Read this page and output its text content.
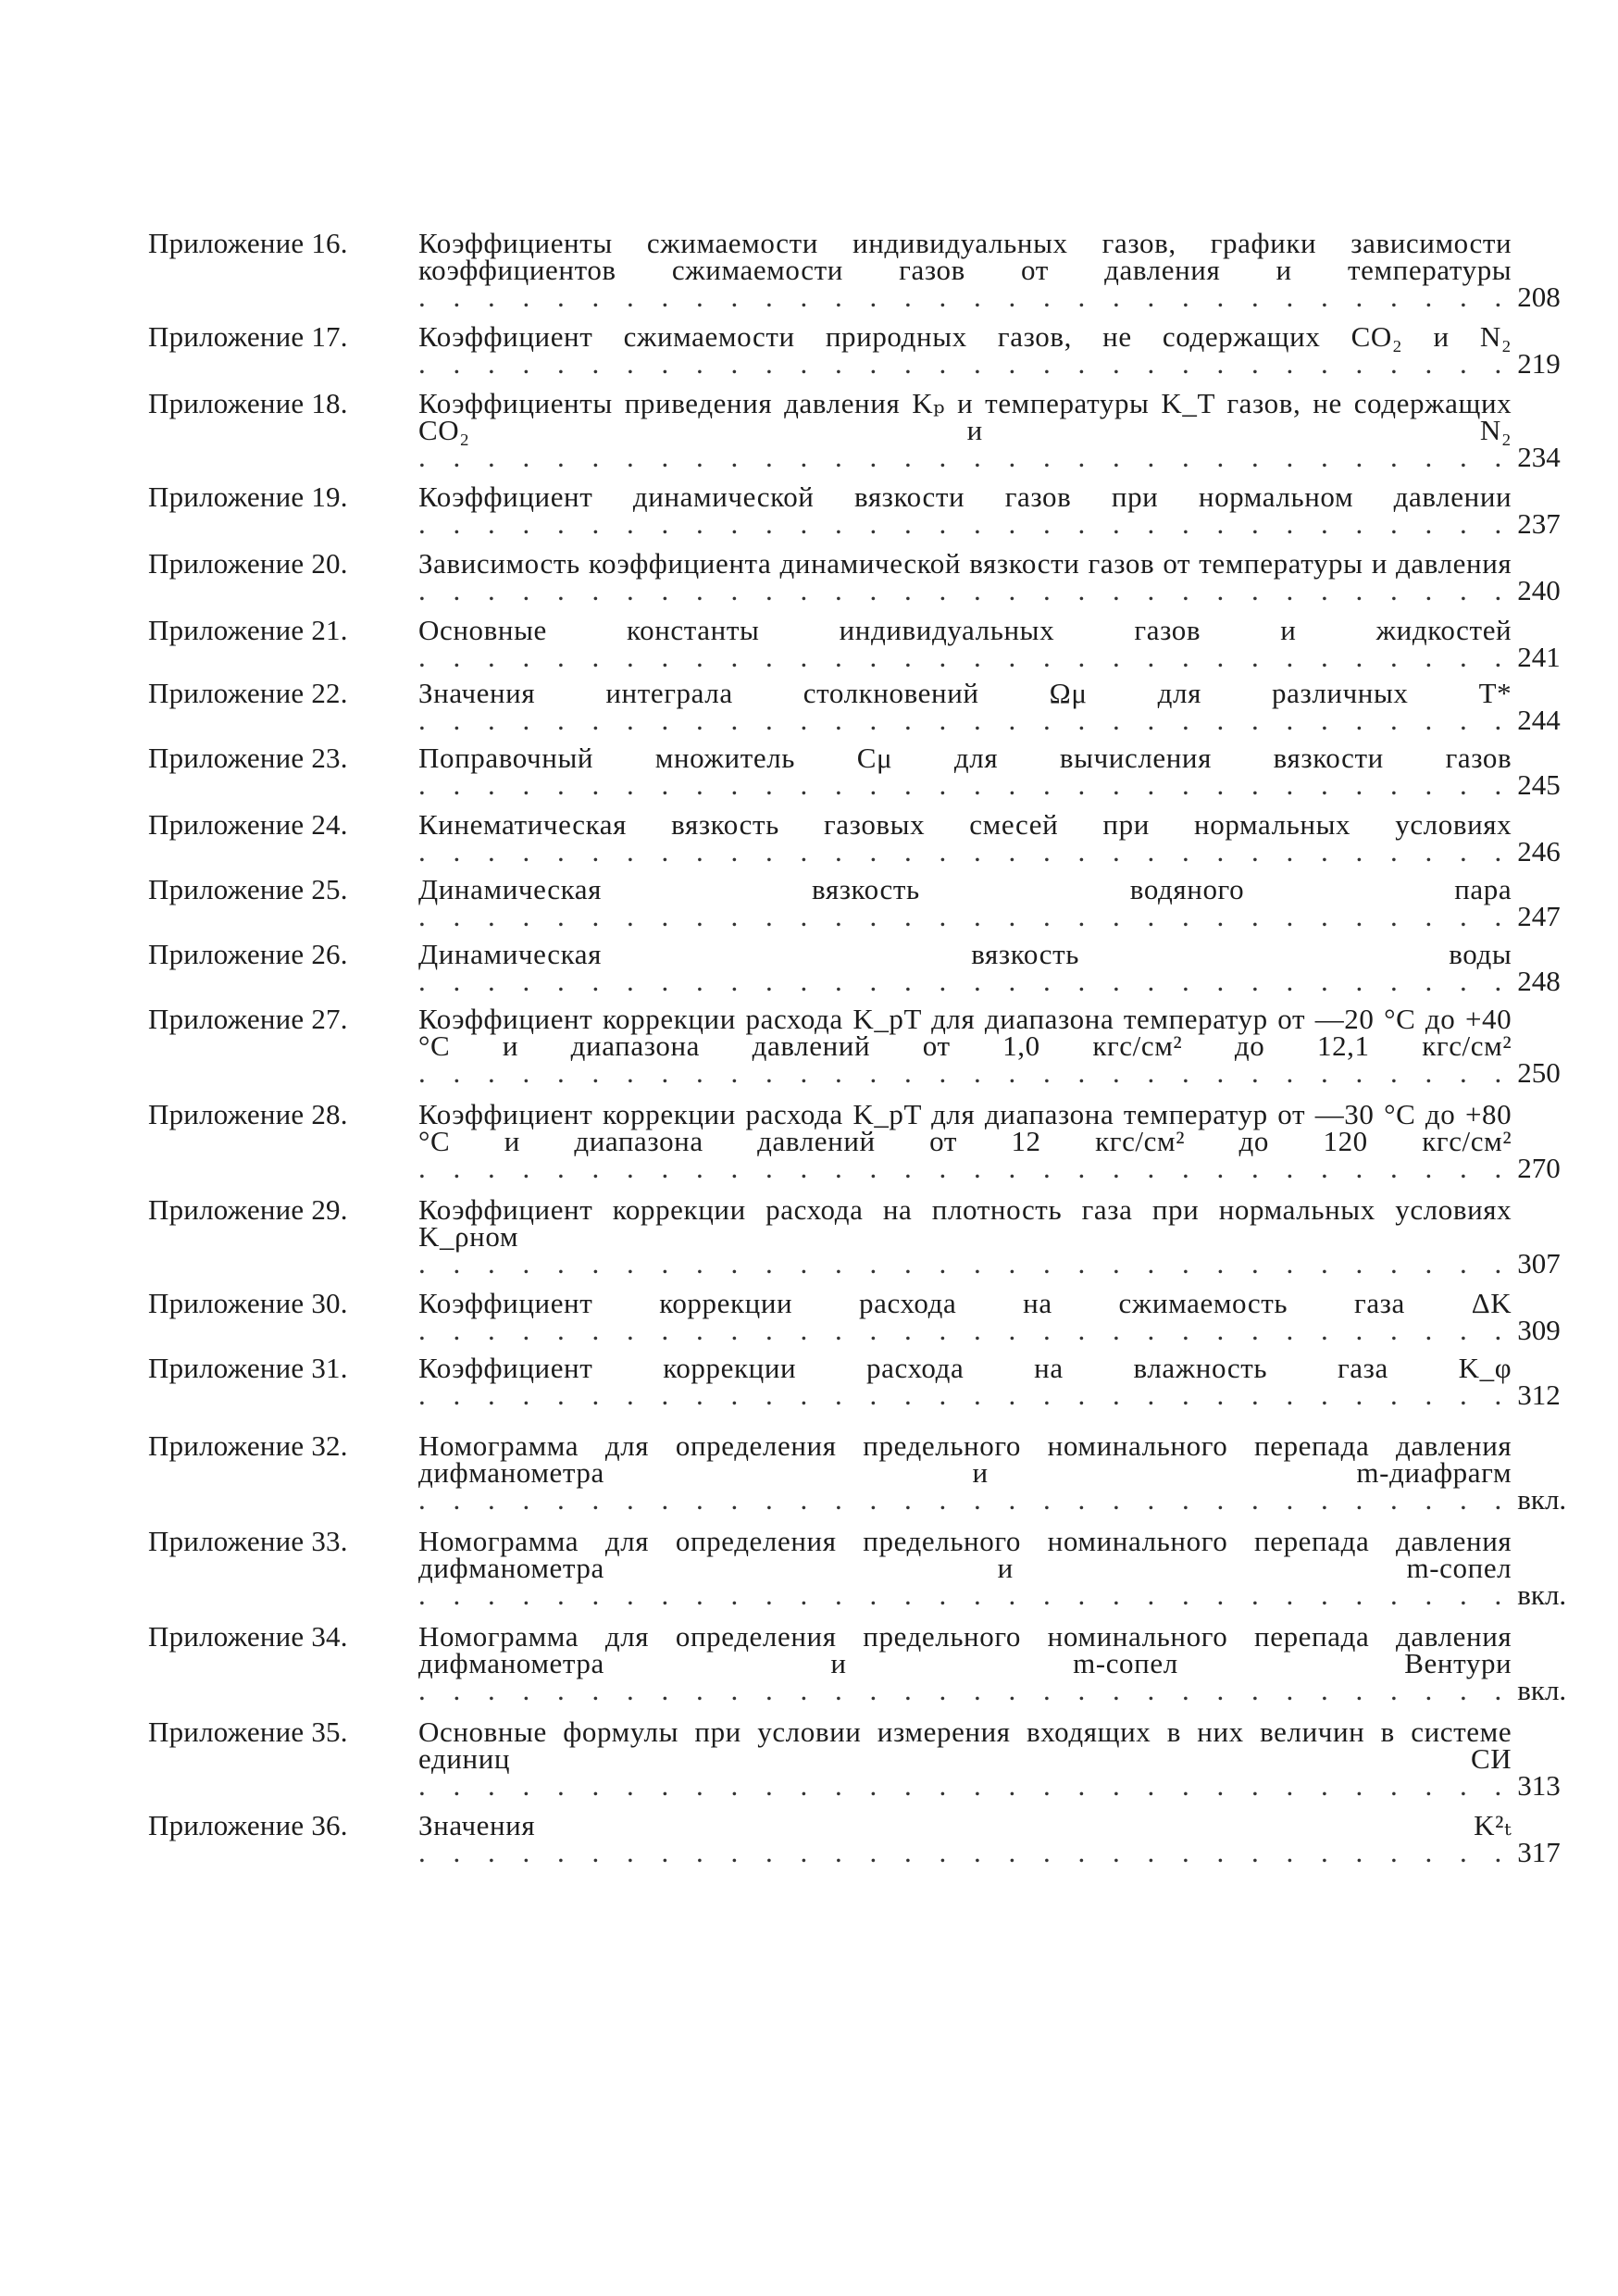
Приложение 16.	Коэффициенты сжимаемости индивидуальных газов, графики зависимости коэффициентов сжимаемости газов от давления и температуры . . . . . . . . . . . . . . . . . . . . . . . . . . . . . . . . 208
Приложение 17.	Коэффициент сжимаемости природных газов, не содержащих CO₂ и N₂ . . . . . . . . . . . . . . . . . . . . . . . . . . . . . . . . 219
Приложение 18.	Коэффициенты приведения давления Kₚ и температуры K_T газов, не содержащих CO₂ и N₂ . . . . . . . . . . . . . . . . . . . . . . . . . . . . . . . . 234
Приложение 19.	Коэффициент динамической вязкости газов при нормальном давлении . . . . . . . . . . . . . . . . . . . . . . . . . . . . . . . . 237
Приложение 20.	Зависимость коэффициента динамической вязкости газов от температуры и давления . . . . . . . . . . . . . . . . . . . . . . . . . . . . . . . . 240
Приложение 21.	Основные константы индивидуальных газов и жидкостей . . . . . . . . . . . . . . . . . . . . . . . . . . . . . . . . 241
Приложение 22.	Значения интеграла столкновений Ωμ для различных T* . . . . . . . . . . . . . . . . . . . . . . . . . . . . . . . . 244
Приложение 23.	Поправочный множитель Cμ для вычисления вязкости газов . . . . . . . . . . . . . . . . . . . . . . . . . . . . . . . . 245
Приложение 24.	Кинематическая вязкость газовых смесей при нормальных условиях . . . . . . . . . . . . . . . . . . . . . . . . . . . . . . . . 246
Приложение 25.	Динамическая вязкость водяного пара . . . . . . . . . . . . . . . . . . . . . . . . . . . . . . . . 247
Приложение 26.	Динамическая вязкость воды . . . . . . . . . . . . . . . . . . . . . . . . . . . . . . . . 248
Приложение 27.	Коэффициент коррекции расхода K_pT для диапазона температур от —20 °С до +40 °С и диапазона давлений от 1,0 кгс/см² до 12,1 кгс/см² . . . . . . . . . . . . . . . . . . . . . . . . . . . . . . . . 250
Приложение 28.	Коэффициент коррекции расхода K_pT для диапазона температур от —30 °С до +80 °С и диапазона давлений от 12 кгс/см² до 120 кгс/см² . . . . . . . . . . . . . . . . . . . . . . . . . . . . . . . . 270
Приложение 29.	Коэффициент коррекции расхода на плотность газа при нормальных условиях K_ρном . . . . . . . . . . . . . . . . . . . . . . . . . . . . . . . . 307
Приложение 30.	Коэффициент коррекции расхода на сжимаемость газа ΔK . . . . . . . . . . . . . . . . . . . . . . . . . . . . . . . . 309
Приложение 31.	Коэффициент коррекции расхода на влажность газа K_φ . . . . . . . . . . . . . . . . . . . . . . . . . . . . . . . . 312
Приложение 32.	Номограмма для определения предельного номинального перепада давления дифманометра и m-диафрагм . . . . . . . . . . . . . . . . . . . . . . . . . . . . . . . . вкл.
Приложение 33.	Номограмма для определения предельного номинального перепада давления дифманометра и m-сопел . . . . . . . . . . . . . . . . . . . . . . . . . . . . . . . . вкл.
Приложение 34.	Номограмма для определения предельного номинального перепада давления дифманометра и m-сопел Вентури . . . . . . . . . . . . . . . . . . . . . . . . . . . . . . . . вкл.
Приложение 35.	Основные формулы при условии измерения входящих в них величин в системе единиц СИ . . . . . . . . . . . . . . . . . . . . . . . . . . . . . . . . 313
Приложение 36.	Значения K²ₜ . . . . . . . . . . . . . . . . . . . . . . . . . . . . . . . . 317
